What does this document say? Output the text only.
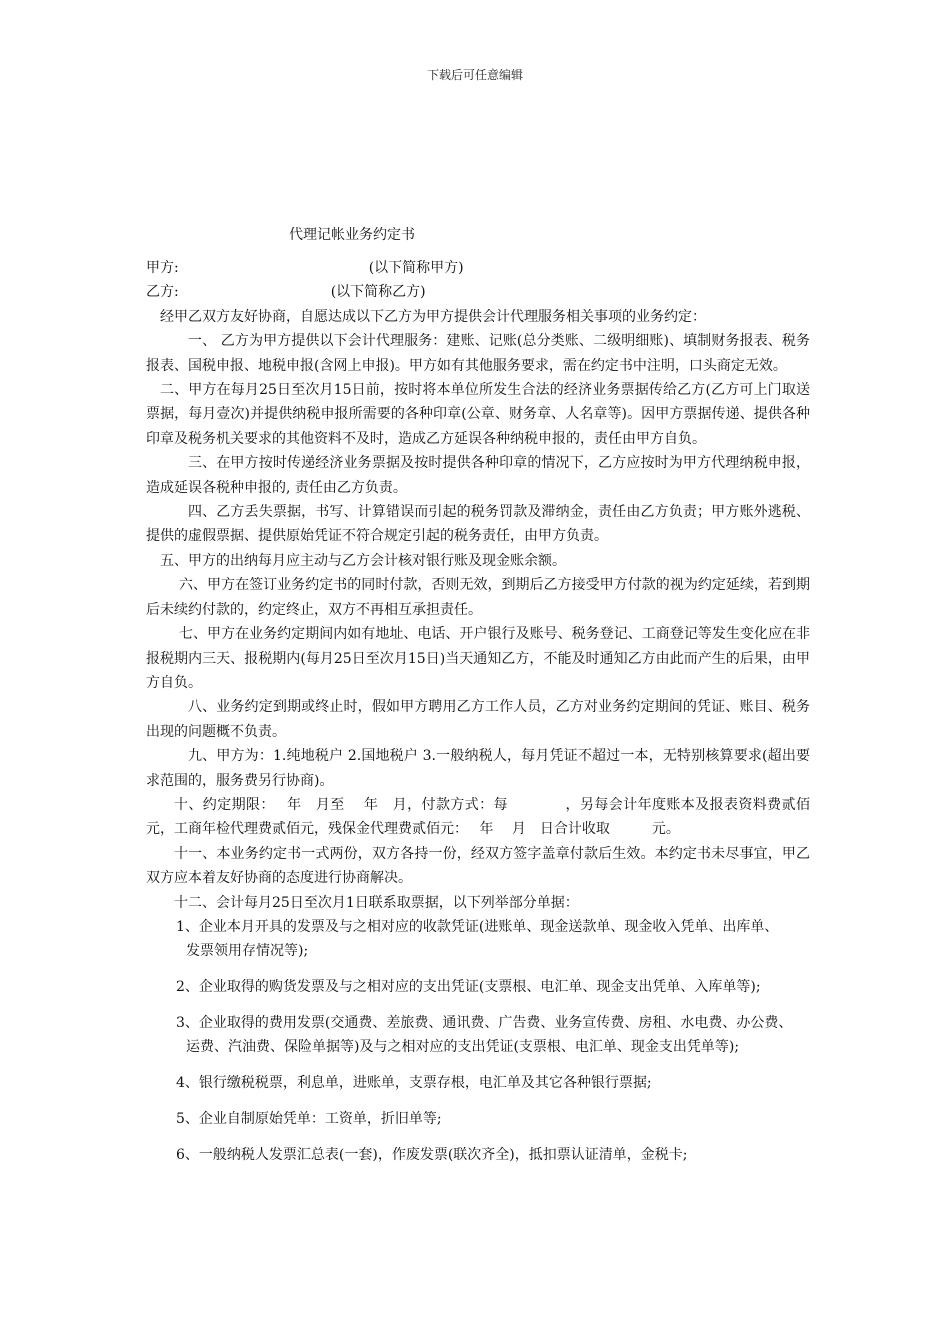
下载后可任意编辑
代理记帐业务约定书

甲方:	(以下简称甲方)

乙方:	(以下简称乙方)

经甲乙双方友好协商，自愿达成以下乙方为甲方提供会计代理服务相关事项的业务约定：

一、 乙方为甲方提供以下会计代理服务：建账、记账(总分类账、二级明细账)、填制财务报表、税务报表、国税申报、地税申报(含网上申报)。甲方如有其他服务要求，需在约定书中注明，口头商定无效。

二、甲方在每月25日至次月15日前，按时将本单位所发生合法的经济业务票据传给乙方(乙方可上门取送票据，每月壹次)并提供纳税申报所需要的各种印章(公章、财务章、人名章等)。因甲方票据传递、提供各种印章及税务机关要求的其他资料不及时，造成乙方延误各种纳税申报的，责任由甲方自负。

三、在甲方按时传递经济业务票据及按时提供各种印章的情况下，乙方应按时为甲方代理纳税申报，造成延误各税种申报的, 责任由乙方负责。

四、乙方丢失票据，书写、计算错误而引起的税务罚款及滞纳金，责任由乙方负责；甲方账外逃税、提供的虚假票据、提供原始凭证不符合规定引起的税务责任，由甲方负责。

五、甲方的出纳每月应主动与乙方会计核对银行账及现金账余额。

六、甲方在签订业务约定书的同时付款，否则无效，到期后乙方接受甲方付款的视为约定延续，若到期后未续约付款的，约定终止，双方不再相互承担责任。

七、甲方在业务约定期间内如有地址、电话、开户银行及账号、税务登记、工商登记等发生变化应在非报税期内三天、报税期内(每月25日至次月15日)当天通知乙方，不能及时通知乙方由此而产生的后果，由甲方自负。

八、业务约定到期或终止时，假如甲方聘用乙方工作人员，乙方对业务约定期间的凭证、账目、税务出现的问题概不负责。

九、甲方为：1.纯地税户 2.国地税户 3.一般纳税人，每月凭证不超过一本，无特别核算要求(超出要求范围的，服务费另行协商)。

十、约定期限：　 年　月至　 年　月，付款方式：每　　　　，另每会计年度账本及报表资料费贰佰元，工商年检代理费贰佰元，残保金代理费贰佰元：　 年　 月　日合计收取　　　元。

十一、本业务约定书一式两份，双方各持一份，经双方签字盖章付款后生效。本约定书未尽事宜，甲乙双方应本着友好协商的态度进行协商解决。

十二、会计每月25日至次月1日联系取票据，以下列举部分单据：

1、企业本月开具的发票及与之相对应的收款凭证(进账单、现金送款单、现金收入凭单、出库单、
发票领用存情况等);

2、企业取得的购货发票及与之相对应的支出凭证(支票根、电汇单、现金支出凭单、入库单等);

3、企业取得的费用发票(交通费、差旅费、通讯费、广告费、业务宣传费、房租、水电费、办公费、
运费、汽油费、保险单据等)及与之相对应的支出凭证(支票根、电汇单、现金支出凭单等);

4、银行缴税税票，利息单，进账单，支票存根，电汇单及其它各种银行票据;

5、企业自制原始凭单：工资单，折旧单等;

6、一般纳税人发票汇总表(一套)，作废发票(联次齐全)，抵扣票认证清单，金税卡;
